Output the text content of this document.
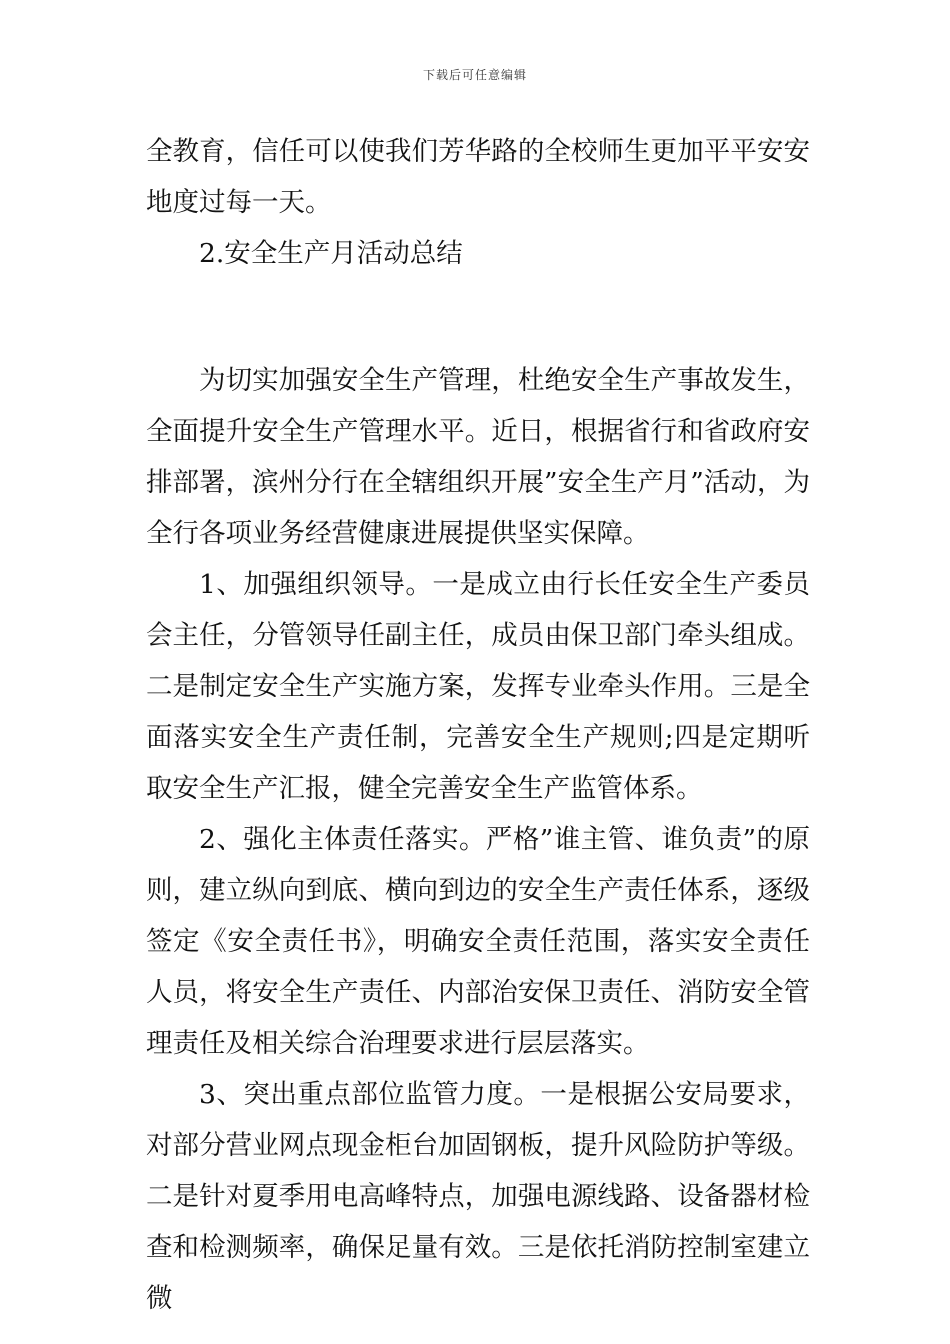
下载后可任意编辑

全教育，信任可以使我们芳华路的全校师生更加平平安安地度过每一天。

2.安全生产月活动总结

为切实加强安全生产管理，杜绝安全生产事故发生，全面提升安全生产管理水平。近日，根据省行和省政府安排部署，滨州分行在全辖组织开展”安全生产月”活动，为全行各项业务经营健康进展提供坚实保障。

1、加强组织领导。一是成立由行长任安全生产委员会主任，分管领导任副主任，成员由保卫部门牵头组成。二是制定安全生产实施方案，发挥专业牵头作用。三是全面落实安全生产责任制，完善安全生产规则;四是定期听取安全生产汇报，健全完善安全生产监管体系。

2、强化主体责任落实。严格”谁主管、谁负责”的原则，建立纵向到底、横向到边的安全生产责任体系，逐级签定《安全责任书》，明确安全责任范围，落实安全责任人员，将安全生产责任、内部治安保卫责任、消防安全管理责任及相关综合治理要求进行层层落实。

3、突出重点部位监管力度。一是根据公安局要求，对部分营业网点现金柜台加固钢板，提升风险防护等级。二是针对夏季用电高峰特点，加强电源线路、设备器材检查和检测频率，确保足量有效。三是依托消防控制室建立微
